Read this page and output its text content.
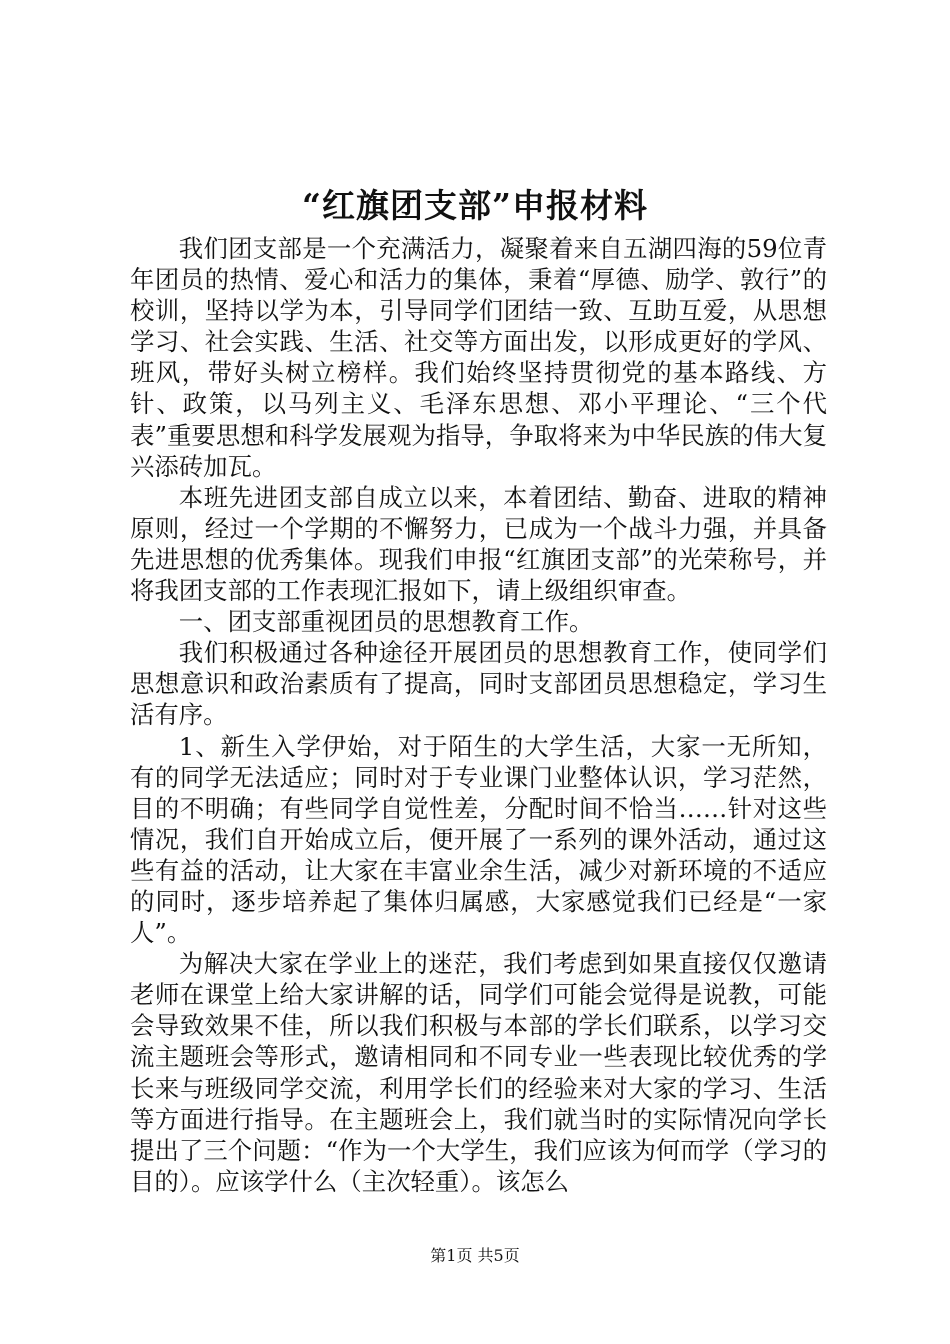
“红旗团支部”申报材料

我们团支部是一个充满活力，凝聚着来自五湖四海的59位青年团员的热情、爱心和活力的集体，秉着“厚德、励学、敦行”的校训，坚持以学为本，引导同学们团结一致、互助互爱，从思想学习、社会实践、生活、社交等方面出发，以形成更好的学风、班风，带好头树立榜样。我们始终坚持贯彻党的基本路线、方针、政策，以马列主义、毛泽东思想、邓小平理论、“三个代表”重要思想和科学发展观为指导，争取将来为中华民族的伟大复兴添砖加瓦。

本班先进团支部自成立以来，本着团结、勤奋、进取的精神原则，经过一个学期的不懈努力，已成为一个战斗力强，并具备先进思想的优秀集体。现我们申报“红旗团支部”的光荣称号，并将我团支部的工作表现汇报如下，请上级组织审查。

一、团支部重视团员的思想教育工作。

我们积极通过各种途径开展团员的思想教育工作，使同学们思想意识和政治素质有了提高，同时支部团员思想稳定，学习生活有序。

1、新生入学伊始，对于陌生的大学生活，大家一无所知，有的同学无法适应；同时对于专业课门业整体认识，学习茫然，目的不明确；有些同学自觉性差，分配时间不恰当……针对这些情况，我们自开始成立后，便开展了一系列的课外活动，通过这些有益的活动，让大家在丰富业余生活，减少对新环境的不适应的同时，逐步培养起了集体归属感，大家感觉我们已经是“一家人”。

为解决大家在学业上的迷茫，我们考虑到如果直接仅仅邀请老师在课堂上给大家讲解的话，同学们可能会觉得是说教，可能会导致效果不佳，所以我们积极与本部的学长们联系，以学习交流主题班会等形式，邀请相同和不同专业一些表现比较优秀的学长来与班级同学交流，利用学长们的经验来对大家的学习、生活等方面进行指导。在主题班会上，我们就当时的实际情况向学长提出了三个问题：“作为一个大学生，我们应该为何而学（学习的目的）。应该学什么（主次轻重）。该怎么

第1页 共5页
